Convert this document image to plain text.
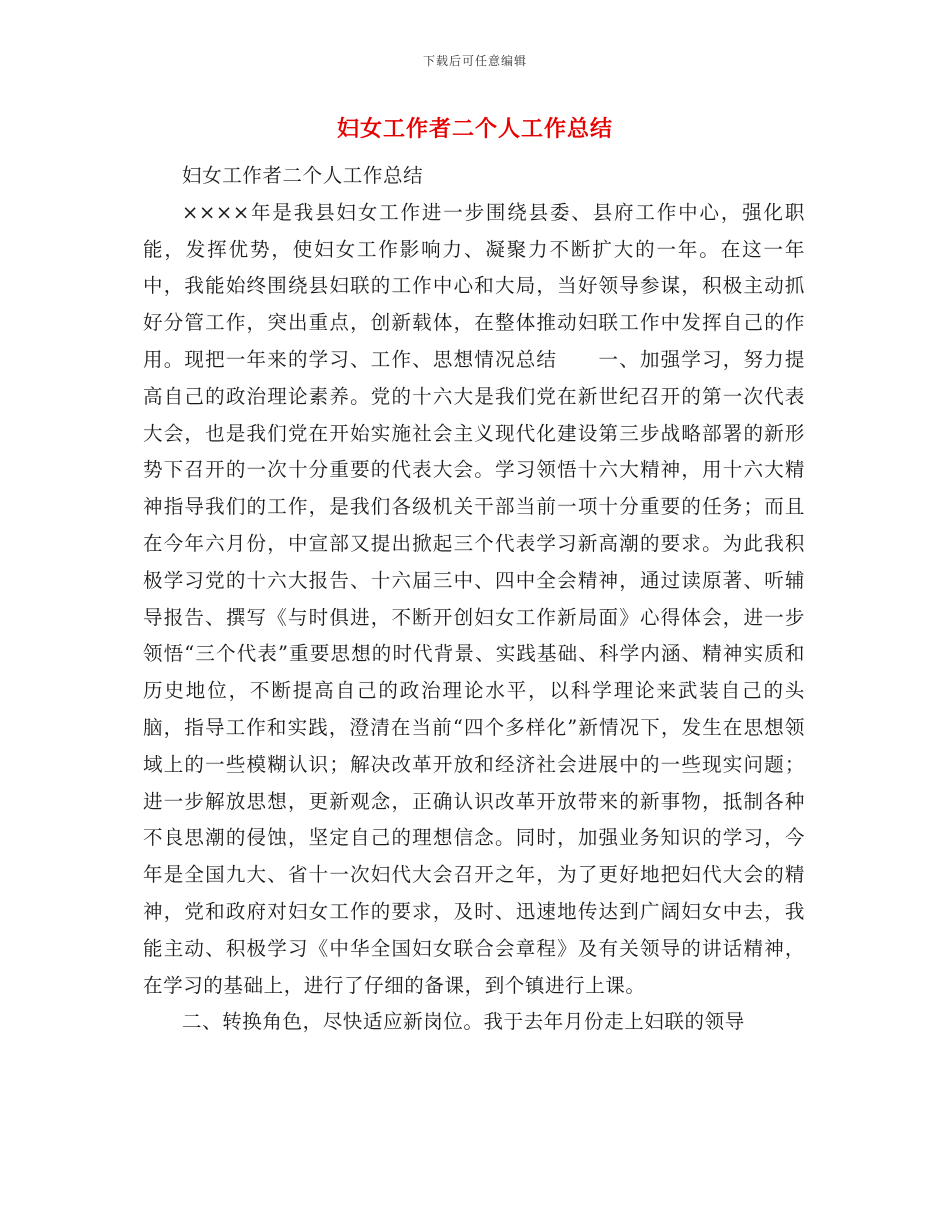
下载后可任意编辑
妇女工作者二个人工作总结

妇女工作者二个人工作总结

××××年是我县妇女工作进一步围绕县委、县府工作中心，强化职能，发挥优势，使妇女工作影响力、凝聚力不断扩大的一年。在这一年中，我能始终围绕县妇联的工作中心和大局，当好领导参谋，积极主动抓好分管工作，突出重点，创新载体，在整体推动妇联工作中发挥自己的作用。现把一年来的学习、工作、思想情况总结　　一、加强学习，努力提高自己的政治理论素养。党的十六大是我们党在新世纪召开的第一次代表大会，也是我们党在开始实施社会主义现代化建设第三步战略部署的新形势下召开的一次十分重要的代表大会。学习领悟十六大精神，用十六大精神指导我们的工作，是我们各级机关干部当前一项十分重要的任务；而且在今年六月份，中宣部又提出掀起三个代表学习新高潮的要求。为此我积极学习党的十六大报告、十六届三中、四中全会精神，通过读原著、听辅导报告、撰写《与时俱进，不断开创妇女工作新局面》心得体会，进一步领悟“三个代表”重要思想的时代背景、实践基础、科学内涵、精神实质和历史地位，不断提高自己的政治理论水平，以科学理论来武装自己的头脑，指导工作和实践，澄清在当前“四个多样化”新情况下，发生在思想领域上的一些模糊认识；解决改革开放和经济社会进展中的一些现实问题；进一步解放思想，更新观念，正确认识改革开放带来的新事物，抵制各种不良思潮的侵蚀，坚定自己的理想信念。同时，加强业务知识的学习，今年是全国九大、省十一次妇代大会召开之年，为了更好地把妇代大会的精神，党和政府对妇女工作的要求，及时、迅速地传达到广阔妇女中去，我能主动、积极学习《中华全国妇女联合会章程》及有关领导的讲话精神，在学习的基础上，进行了仔细的备课，到个镇进行上课。

二、转换角色，尽快适应新岗位。我于去年月份走上妇联的领导
